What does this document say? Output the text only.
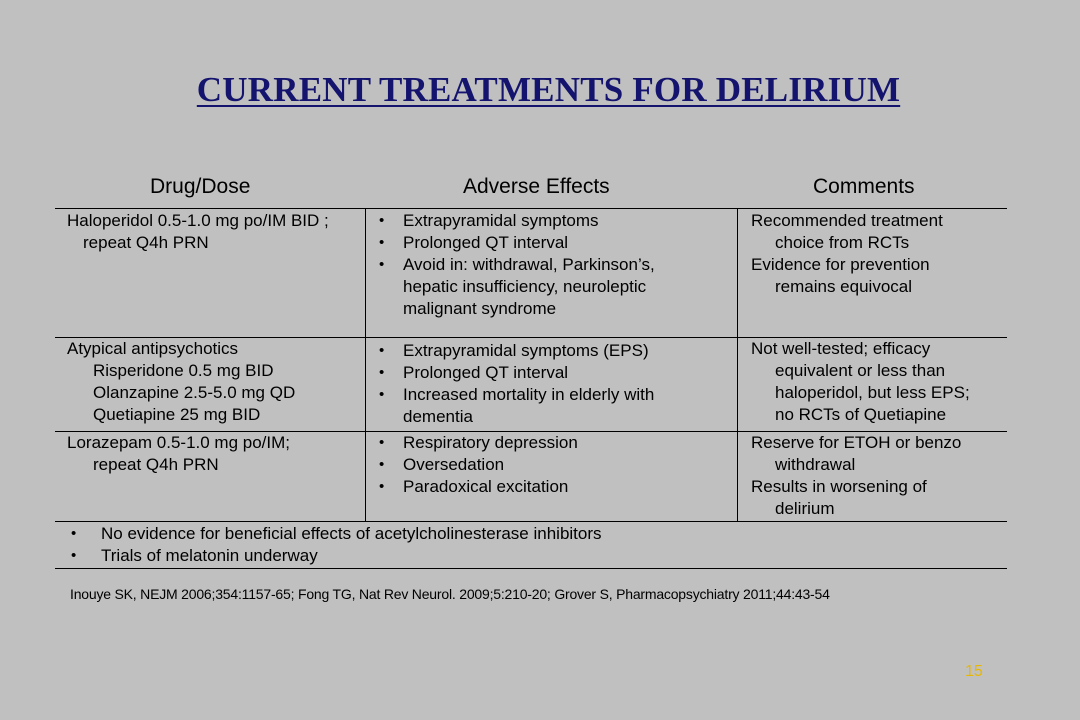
CURRENT TREATMENTS FOR DELIRIUM
Drug/Dose	Adverse Effects	Comments
Haloperidol 0.5-1.0 mg po/IM BID ;
repeat Q4h PRN
• Extrapyramidal symptoms
• Prolonged QT interval
• Avoid in: withdrawal, Parkinson’s,
hepatic insufficiency, neuroleptic
malignant syndrome
Recommended treatment
choice from RCTs
Evidence for prevention
remains equivocal
Atypical antipsychotics
Risperidone 0.5 mg BID
Olanzapine 2.5-5.0 mg QD
Quetiapine 25 mg BID
• Extrapyramidal symptoms (EPS)
• Prolonged QT interval
• Increased mortality in elderly with
dementia
Not well-tested; efficacy
equivalent or less than
haloperidol, but less EPS;
no RCTs of Quetiapine
Lorazepam 0.5-1.0 mg po/IM;
repeat Q4h PRN
• Respiratory depression
• Oversedation
• Paradoxical excitation
Reserve for ETOH or benzo
withdrawal
Results in worsening of
delirium
• No evidence for beneficial effects of acetylcholinesterase inhibitors
• Trials of melatonin underway
Inouye SK, NEJM 2006;354:1157-65; Fong TG, Nat Rev Neurol. 2009;5:210-20; Grover S, Pharmacopsychiatry 2011;44:43-54
15
